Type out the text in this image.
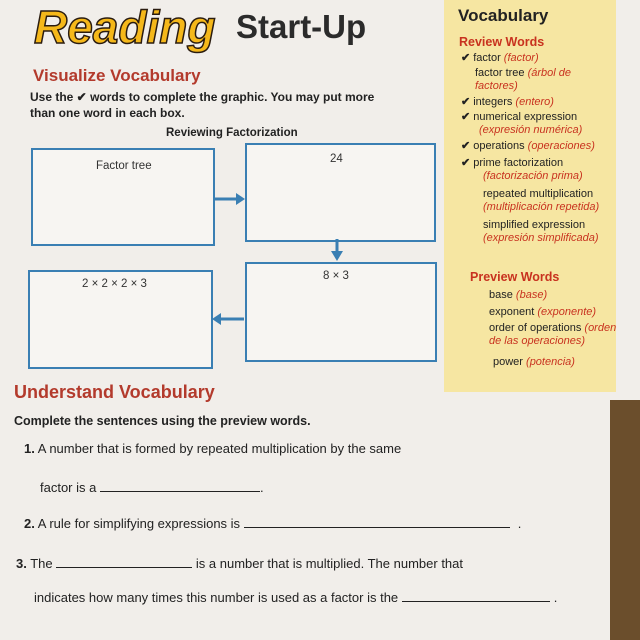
Reading Start-Up
Visualize Vocabulary
Use the ✔ words to complete the graphic. You may put more
than one word in each box.
Reviewing Factorization
Factor tree
24
8 × 3
2 × 2 × 2 × 3
Vocabulary
Review Words
✔ factor (factor)
factor tree (árbol de factores)
✔ integers (entero)
✔ numerical expression
(expresión numérica)
✔ operations (operaciones)
✔ prime factorization
(factorización prima)
repeated multiplication
(multiplicación repetida)
simplified expression
(expresión simplificada)
Preview Words
base (base)
exponent (exponente)
order of operations (orden de las operaciones)
power (potencia)
Understand Vocabulary
Complete the sentences using the preview words.
1. A number that is formed by repeated multiplication by the same
factor is a	.
2. A rule for simplifying expressions is	.
3. The	is a number that is multiplied. The number that
indicates how many times this number is used as a factor is the	.
